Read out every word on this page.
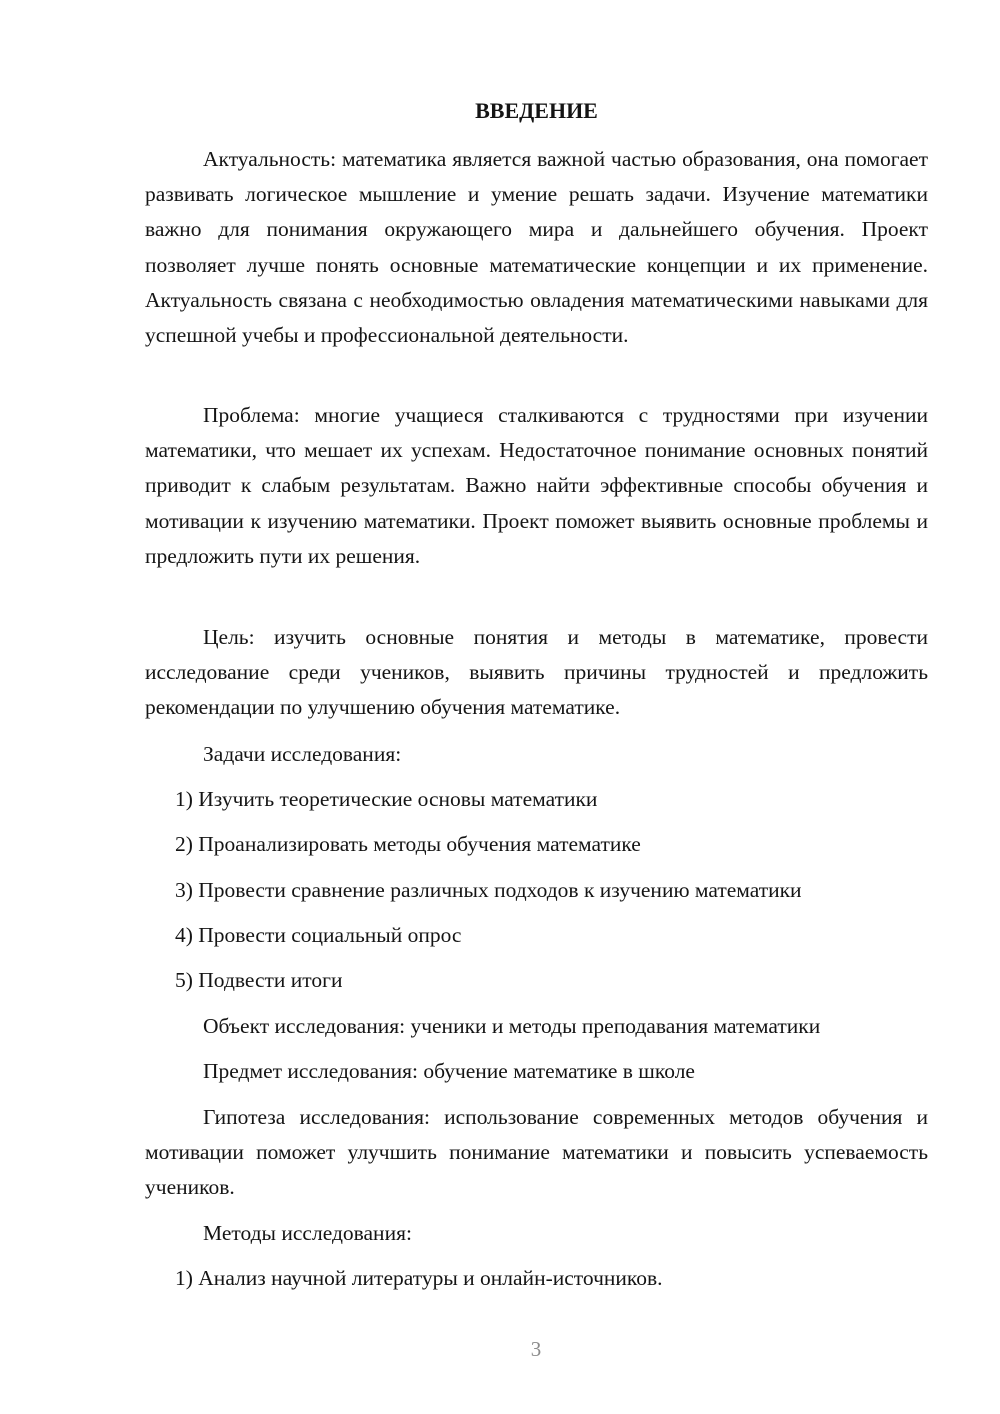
ВВЕДЕНИЕ

Актуальность: математика является важной частью образования, она помогает развивать логическое мышление и умение решать задачи. Изучение математики важно для понимания окружающего мира и дальнейшего обучения. Проект позволяет лучше понять основные математические концепции и их применение. Актуальность связана с необходимостью овладения математическими навыками для успешной учебы и профессиональной деятельности.

Проблема: многие учащиеся сталкиваются с трудностями при изучении математики, что мешает их успехам. Недостаточное понимание основных понятий приводит к слабым результатам. Важно найти эффективные способы обучения и мотивации к изучению математики. Проект поможет выявить основные проблемы и предложить пути их решения.

Цель: изучить основные понятия и методы в математике, провести исследование среди учеников, выявить причины трудностей и предложить рекомендации по улучшению обучения математике.

Задачи исследования:

1) Изучить теоретические основы математики

2) Проанализировать методы обучения математике

3) Провести сравнение различных подходов к изучению математики

4) Провести социальный опрос

5) Подвести итоги

Объект исследования: ученики и методы преподавания математики

Предмет исследования: обучение математике в школе

Гипотеза исследования: использование современных методов обучения и мотивации поможет улучшить понимание математики и повысить успеваемость учеников.

Методы исследования:

1) Анализ научной литературы и онлайн-источников.

3
